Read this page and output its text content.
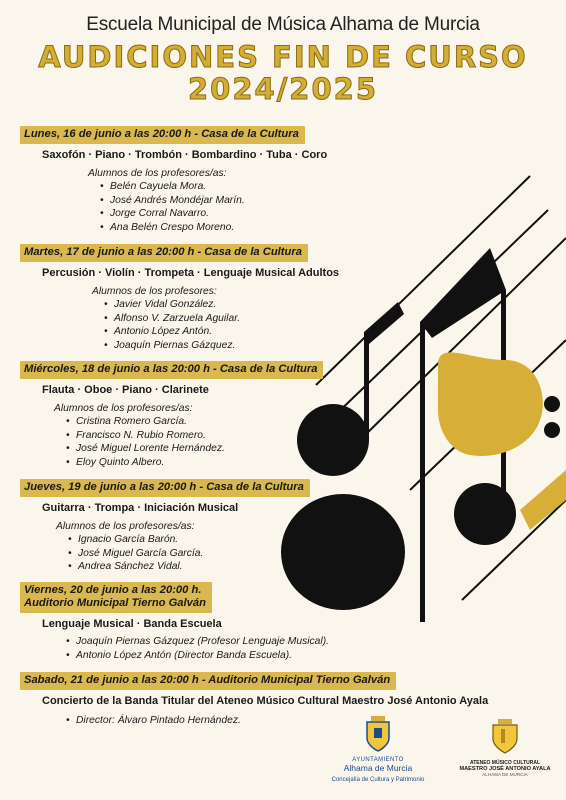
Escuela Municipal de Música Alhama de Murcia
AUDICIONES FIN DE CURSO
2024/2025
Lunes, 16 de junio a las 20:00 h - Casa de la Cultura
Saxofón · Piano · Trombón · Bombardino · Tuba · Coro
Alumnos de los profesores/as:
• Belén Cayuela Mora.
• José Andrés Mondéjar Marín.
• Jorge Corral Navarro.
• Ana Belén Crespo Moreno.
Martes, 17 de junio a las 20:00 h - Casa de la Cultura
Percusión · Violín · Trompeta · Lenguaje Musical Adultos
Alumnos de los profesores:
• Javier Vidal González.
• Alfonso V. Zarzuela Aguilar.
• Antonio López Antón.
• Joaquín Piernas Gázquez.
Miércoles, 18 de junio a las 20:00 h - Casa de la Cultura
Flauta · Oboe · Piano · Clarinete
Alumnos de los profesores/as:
• Cristina Romero García.
• Francisco N. Rubio Romero.
• José Miguel Lorente Hernández.
• Eloy Quinto Albero.
Jueves, 19 de junio a las 20:00 h - Casa de la Cultura
Guitarra · Trompa · Iniciación Musical
Alumnos de los profesores/as:
• Ignacio García Barón.
• José Miguel García García.
• Andrea Sánchez Vidal.
Viernes, 20 de junio a las 20:00 h.
Auditorio Municipal Tierno Galván
Lenguaje Musical · Banda Escuela
• Joaquín Piernas Gázquez (Profesor Lenguaje Musical).
• Antonio López Antón (Director Banda Escuela).
Sabado, 21 de junio a las 20:00 h - Auditorio Municipal Tierno Galván
Concierto de la Banda Titular del Ateneo Músico Cultural Maestro José Antonio Ayala
• Director: Álvaro Pintado Hernández.
AYUNTAMIENTO
Alhama de Murcia
Concejalía de Cultura y Patrimonio
ATENEO MÚSICO CULTURAL
MAESTRO JOSÉ ANTONIO AYALA
ALHAMA DE MURCIA
